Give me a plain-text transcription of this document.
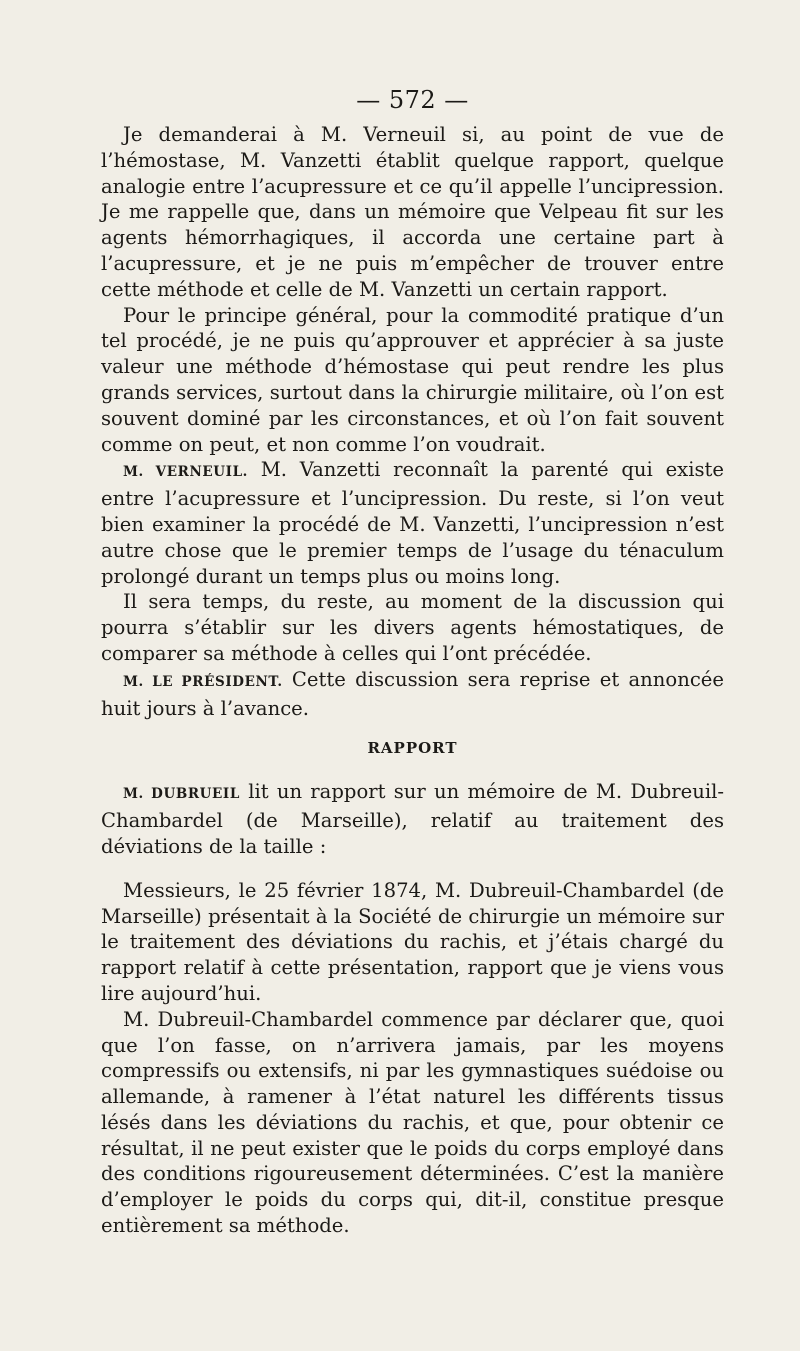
— 572 —

Je demanderai à M. Verneuil si, au point de vue de l’hémostase, M. Vanzetti établit quelque rapport, quelque analogie entre l’acupressure et ce qu’il appelle l’uncipression. Je me rappelle que, dans un mémoire que Velpeau fit sur les agents hémorrhagiques, il accorda une certaine part à l’acupressure, et je ne puis m’empêcher de trouver entre cette méthode et celle de M. Vanzetti un certain rapport.

Pour le principe général, pour la commodité pratique d’un tel procédé, je ne puis qu’approuver et apprécier à sa juste valeur une méthode d’hémostase qui peut rendre les plus grands services, surtout dans la chirurgie militaire, où l’on est souvent dominé par les circonstances, et où l’on fait souvent comme on peut, et non comme l’on voudrait.

M. VERNEUIL. M. Vanzetti reconnaît la parenté qui existe entre l’acupressure et l’uncipression. Du reste, si l’on veut bien examiner la procédé de M. Vanzetti, l’uncipression n’est autre chose que le premier temps de l’usage du ténaculum prolongé durant un temps plus ou moins long.

Il sera temps, du reste, au moment de la discussion qui pourra s’établir sur les divers agents hémostatiques, de comparer sa méthode à celles qui l’ont précédée.

M. LE PRÉSIDENT. Cette discussion sera reprise et annoncée huit jours à l’avance.

RAPPORT

M. DUBRUEIL lit un rapport sur un mémoire de M. Dubreuil-Chambardel (de Marseille), relatif au traitement des déviations de la taille :

Messieurs, le 25 février 1874, M. Dubreuil-Chambardel (de Marseille) présentait à la Société de chirurgie un mémoire sur le traitement des déviations du rachis, et j’étais chargé du rapport relatif à cette présentation, rapport que je viens vous lire aujourd’hui.

M. Dubreuil-Chambardel commence par déclarer que, quoi que l’on fasse, on n’arrivera jamais, par les moyens compressifs ou extensifs, ni par les gymnastiques suédoise ou allemande, à ramener à l’état naturel les différents tissus lésés dans les déviations du rachis, et que, pour obtenir ce résultat, il ne peut exister que le poids du corps employé dans des conditions rigoureusement déterminées. C’est la manière d’employer le poids du corps qui, dit-il, constitue presque entièrement sa méthode.
